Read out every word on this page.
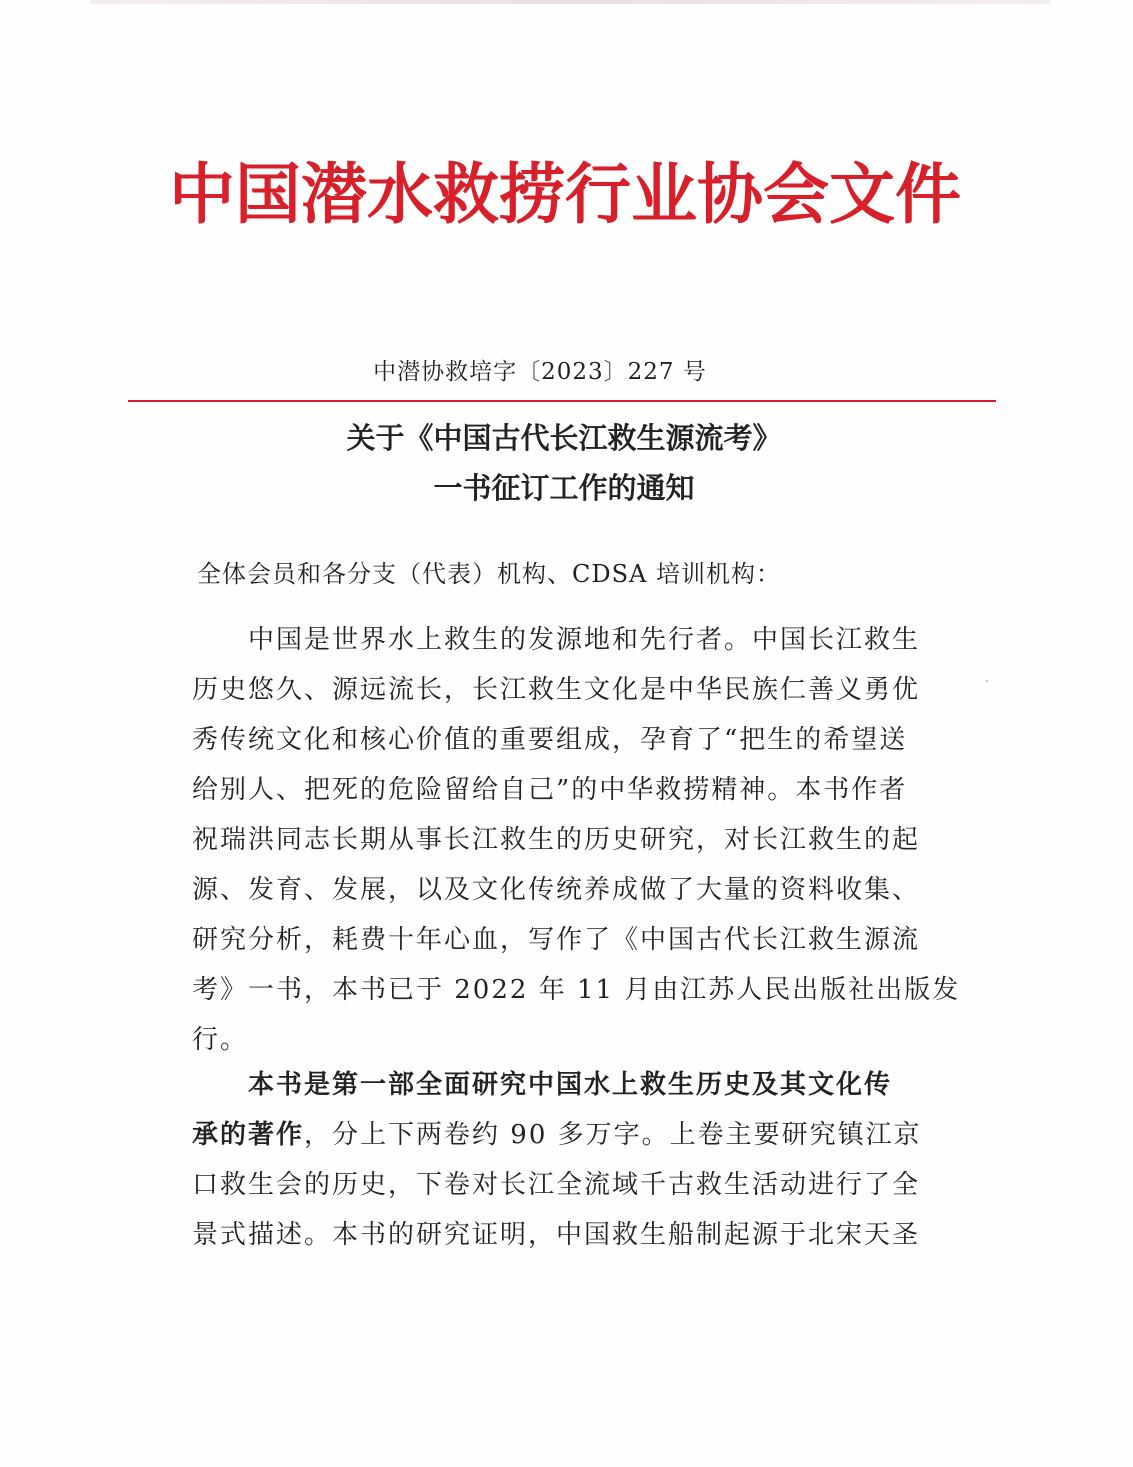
中国潜水救捞行业协会文件
中潜协救培字〔2023〕227 号
关于《中国古代长江救生源流考》
一书征订工作的通知
全体会员和各分支（代表）机构、CDSA 培训机构：
　　中国是世界水上救生的发源地和先行者。中国长江救生
历史悠久、源远流长，长江救生文化是中华民族仁善义勇优
秀传统文化和核心价值的重要组成，孕育了“把生的希望送
给别人、把死的危险留给自己”的中华救捞精神。本书作者
祝瑞洪同志长期从事长江救生的历史研究，对长江救生的起
源、发育、发展，以及文化传统养成做了大量的资料收集、
研究分析，耗费十年心血，写作了《中国古代长江救生源流
考》一书，本书已于 2022 年 11 月由江苏人民出版社出版发
行。
　　本书是第一部全面研究中国水上救生历史及其文化传
承的著作，分上下两卷约 90 多万字。上卷主要研究镇江京
口救生会的历史，下卷对长江全流域千古救生活动进行了全
景式描述。本书的研究证明，中国救生船制起源于北宋天圣
